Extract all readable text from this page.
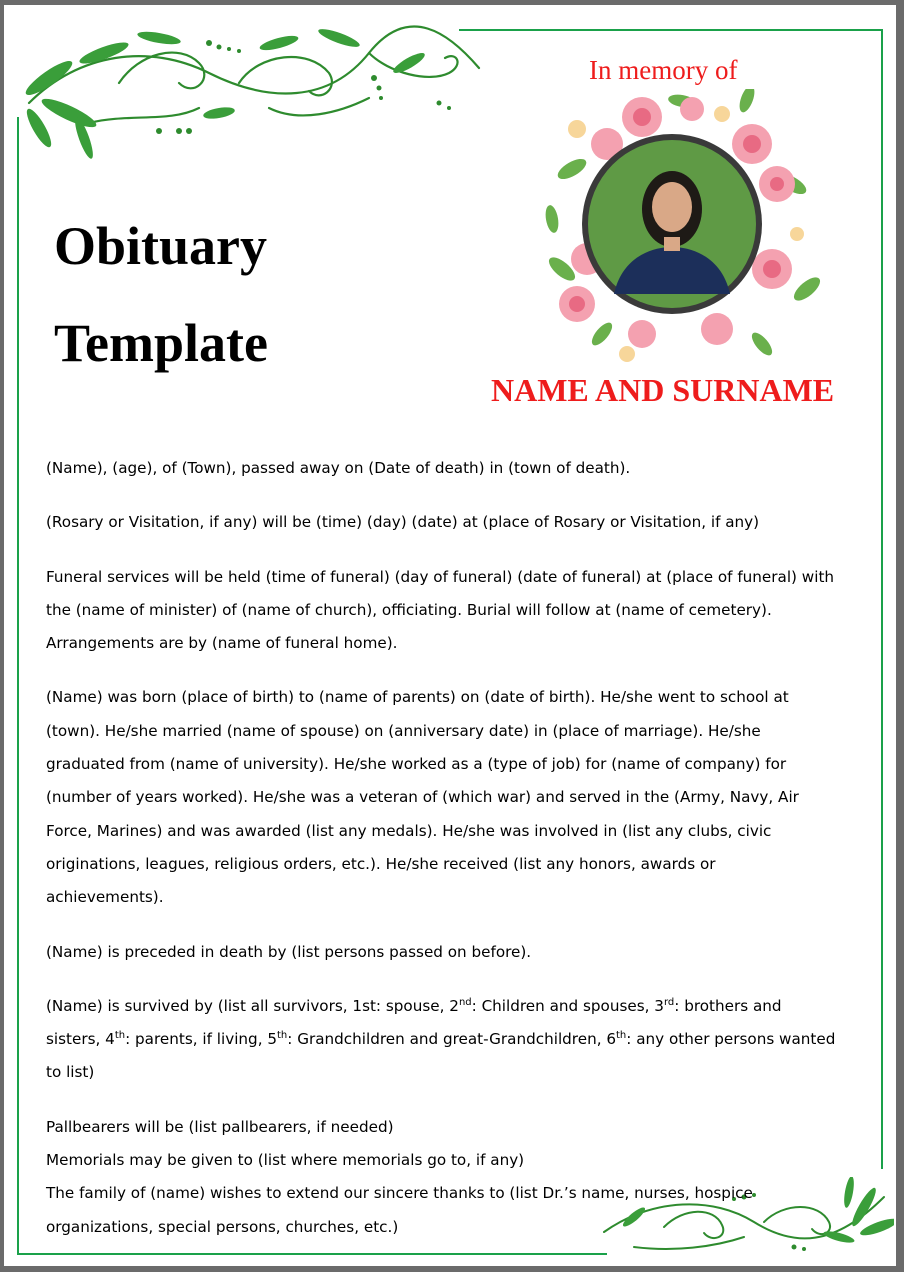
Obituary
Template
In memory of
NAME AND SURNAME

(Name), (age), of (Town), passed away on (Date of death) in (town of death).

(Rosary or Visitation, if any) will be (time) (day) (date) at (place of Rosary or Visitation, if any)

Funeral services will be held (time of funeral) (day of funeral) (date of funeral) at (place of funeral) with the (name of minister) of (name of church), officiating. Burial will follow at (name of cemetery). Arrangements are by (name of funeral home).

(Name) was born (place of birth) to (name of parents) on (date of birth). He/she went to school at (town). He/she married (name of spouse) on (anniversary date) in (place of marriage). He/she graduated from (name of university). He/she worked as a (type of job) for (name of company) for (number of years worked). He/she was a veteran of (which war) and served in the (Army, Navy, Air Force, Marines) and was awarded (list any medals). He/she was involved in (list any clubs, civic originations, leagues, religious orders, etc.). He/she received (list any honors, awards or achievements).

(Name) is preceded in death by (list persons passed on before).

(Name) is survived by (list all survivors, 1st: spouse, 2nd: Children and spouses, 3rd: brothers and sisters, 4th: parents, if living, 5th: Grandchildren and great-Grandchildren, 6th: any other persons wanted to list)

Pallbearers will be (list pallbearers, if needed)

Memorials may be given to (list where memorials go to, if any)

The family of (name) wishes to extend our sincere thanks to (list Dr.’s name, nurses, hospice organizations, special persons, churches, etc.)
